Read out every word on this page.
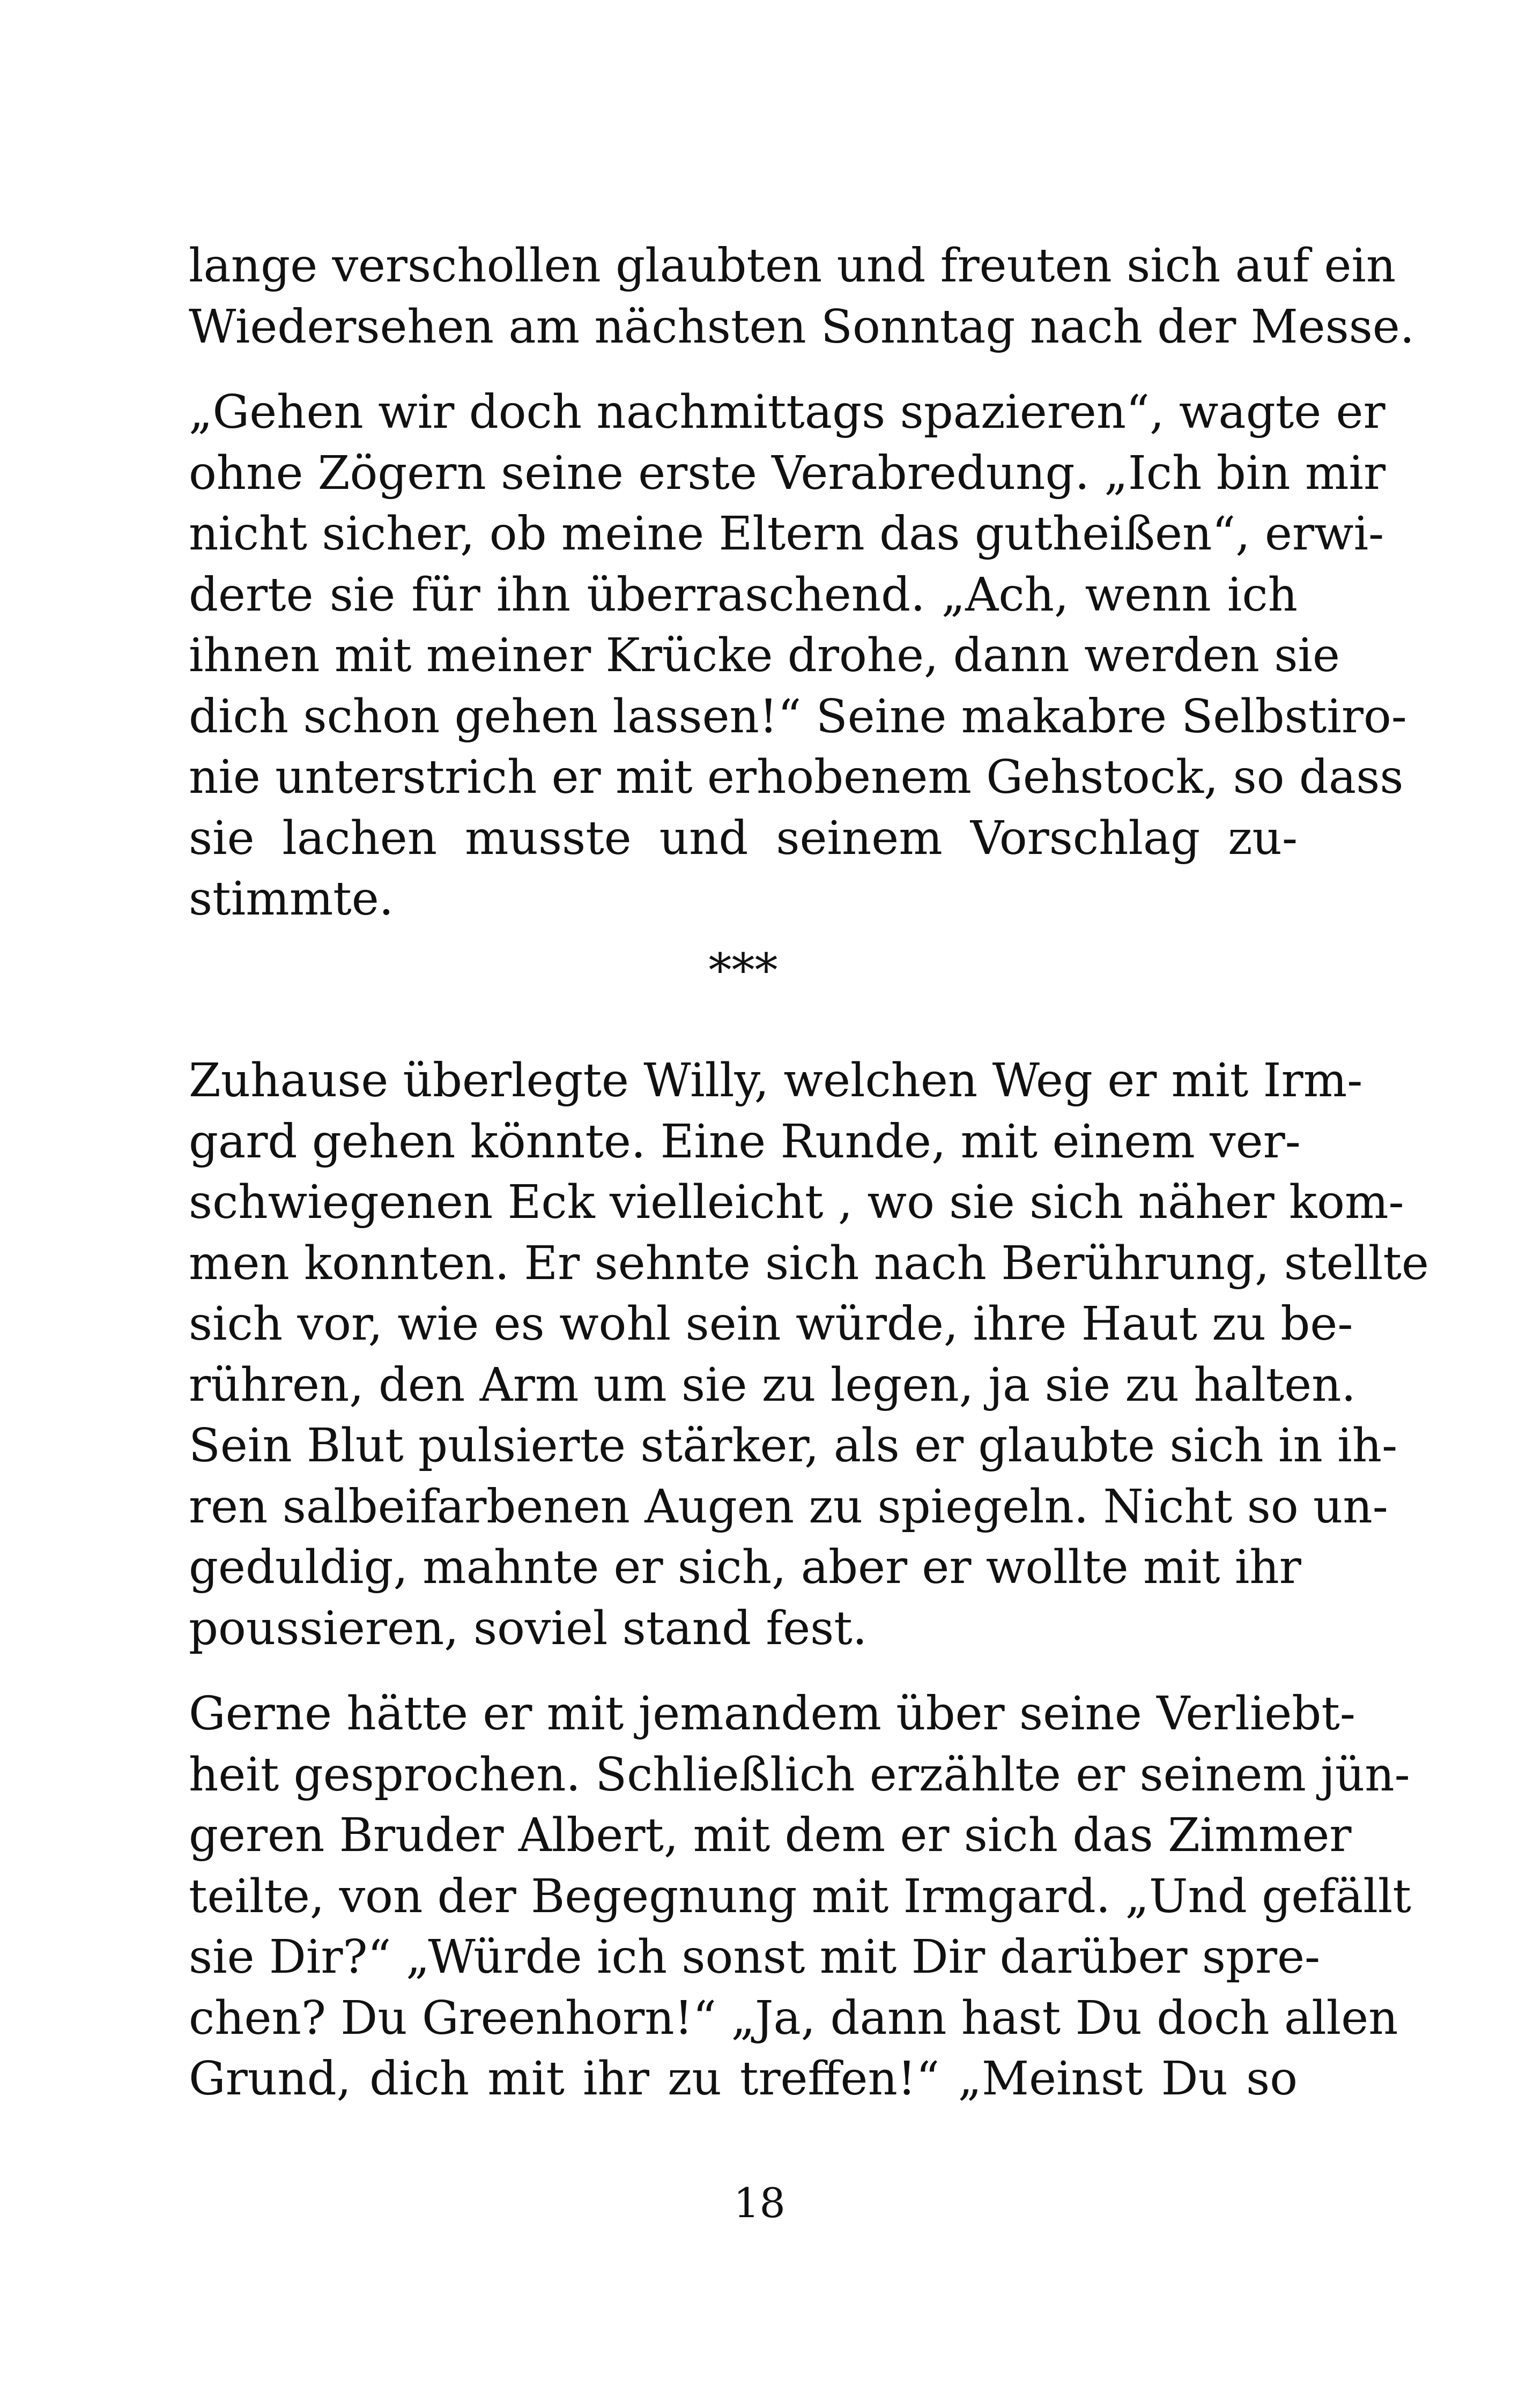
lange verschollen glaubten und freuten sich auf ein
Wiedersehen am nächsten Sonntag nach der Messe.
„Gehen wir doch nachmittags spazieren“, wagte er
ohne Zögern seine erste Verabredung. „Ich bin mir
nicht sicher, ob meine Eltern das gutheißen“, erwi-
derte sie für ihn überraschend. „Ach, wenn ich
ihnen mit meiner Krücke drohe, dann werden sie
dich schon gehen lassen!“ Seine makabre Selbstiro-
nie unterstrich er mit erhobenem Gehstock, so dass
sie lachen musste und seinem Vorschlag zu-
stimmte.
***
Zuhause überlegte Willy, welchen Weg er mit Irm-
gard gehen könnte. Eine Runde, mit einem ver-
schwiegenen Eck vielleicht , wo sie sich näher kom-
men konnten. Er sehnte sich nach Berührung, stellte
sich vor, wie es wohl sein würde, ihre Haut zu be-
rühren, den Arm um sie zu legen, ja sie zu halten.
Sein Blut pulsierte stärker, als er glaubte sich in ih-
ren salbeifarbenen Augen zu spiegeln. Nicht so un-
geduldig, mahnte er sich, aber er wollte mit ihr
poussieren, soviel stand fest.
Gerne hätte er mit jemandem über seine Verliebt-
heit gesprochen. Schließlich erzählte er seinem jün-
geren Bruder Albert, mit dem er sich das Zimmer
teilte, von der Begegnung mit Irmgard. „Und gefällt
sie Dir?“ „Würde ich sonst mit Dir darüber spre-
chen? Du Greenhorn!“ „Ja, dann hast Du doch allen
Grund, dich mit ihr zu treffen!“ „Meinst Du so
18
